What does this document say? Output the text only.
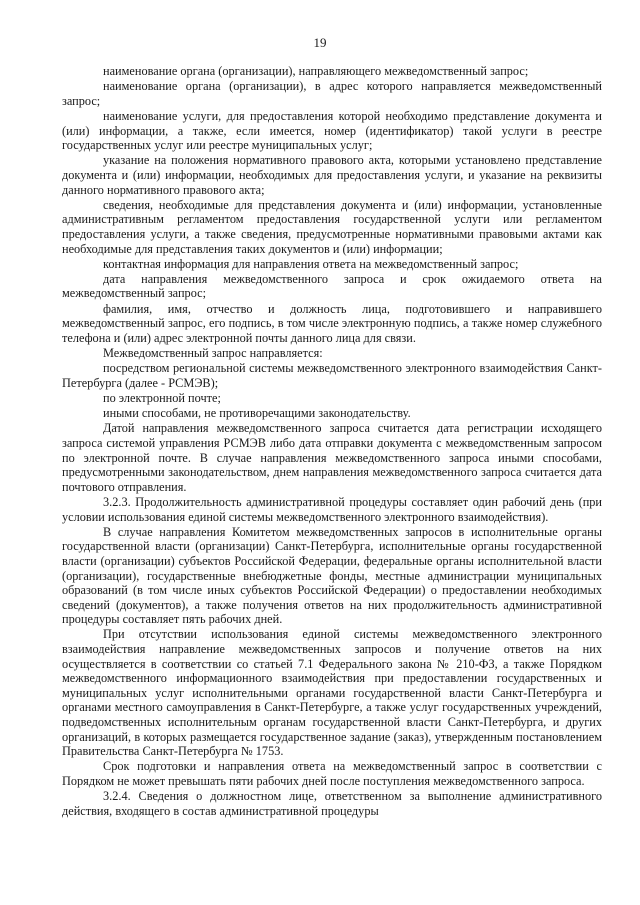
19

наименование органа (организации), направляющего межведомственный запрос;

наименование органа (организации), в адрес которого направляется межведомственный запрос;

наименование услуги, для предоставления которой необходимо представление документа и (или) информации, а также, если имеется, номер (идентификатор) такой услуги в реестре государственных услуг или реестре муниципальных услуг;

указание на положения нормативного правового акта, которыми установлено представление документа и (или) информации, необходимых для предоставления услуги, и указание на реквизиты данного нормативного правового акта;

сведения, необходимые для представления документа и (или) информации, установленные административным регламентом предоставления государственной услуги или регламентом предоставления услуги, а также сведения, предусмотренные нормативными правовыми актами как необходимые для представления таких документов и (или) информации;

контактная информация для направления ответа на межведомственный запрос;

дата направления межведомственного запроса и срок ожидаемого ответа на межведомственный запрос;

фамилия, имя, отчество и должность лица, подготовившего и направившего межведомственный запрос, его подпись, в том числе электронную подпись, а также номер служебного телефона и (или) адрес электронной почты данного лица для связи.

Межведомственный запрос направляется:

посредством региональной системы межведомственного электронного взаимодействия Санкт-Петербурга (далее - РСМЭВ);

по электронной почте;

иными способами, не противоречащими законодательству.

Датой направления межведомственного запроса считается дата регистрации исходящего запроса системой управления РСМЭВ либо дата отправки документа с межведомственным запросом по электронной почте. В случае направления межведомственного запроса иными способами, предусмотренными законодательством, днем направления межведомственного запроса считается дата почтового отправления.

3.2.3. Продолжительность административной процедуры составляет один рабочий день (при условии использования единой системы межведомственного электронного взаимодействия).

В случае направления Комитетом межведомственных запросов в исполнительные органы государственной власти (организации) Санкт-Петербурга, исполнительные органы государственной власти (организации) субъектов Российской Федерации, федеральные органы исполнительной власти (организации), государственные внебюджетные фонды, местные администрации муниципальных образований (в том числе иных субъектов Российской Федерации) о предоставлении необходимых сведений (документов), а также получения ответов на них продолжительность административной процедуры составляет пять рабочих дней.

При отсутствии использования единой системы межведомственного электронного взаимодействия направление межведомственных запросов и получение ответов на них осуществляется в соответствии со статьей 7.1 Федерального закона № 210-ФЗ, а также Порядком межведомственного информационного взаимодействия при предоставлении государственных и муниципальных услуг исполнительными органами государственной власти Санкт-Петербурга и органами местного самоуправления в Санкт-Петербурге, а также услуг государственных учреждений, подведомственных исполнительным органам государственной власти Санкт-Петербурга, и других организаций, в которых размещается государственное задание (заказ), утвержденным постановлением Правительства Санкт-Петербурга № 1753.

Срок подготовки и направления ответа на межведомственный запрос в соответствии с Порядком не может превышать пяти рабочих дней после поступления межведомственного запроса.

3.2.4. Сведения о должностном лице, ответственном за выполнение административного действия, входящего в состав административной процедуры
